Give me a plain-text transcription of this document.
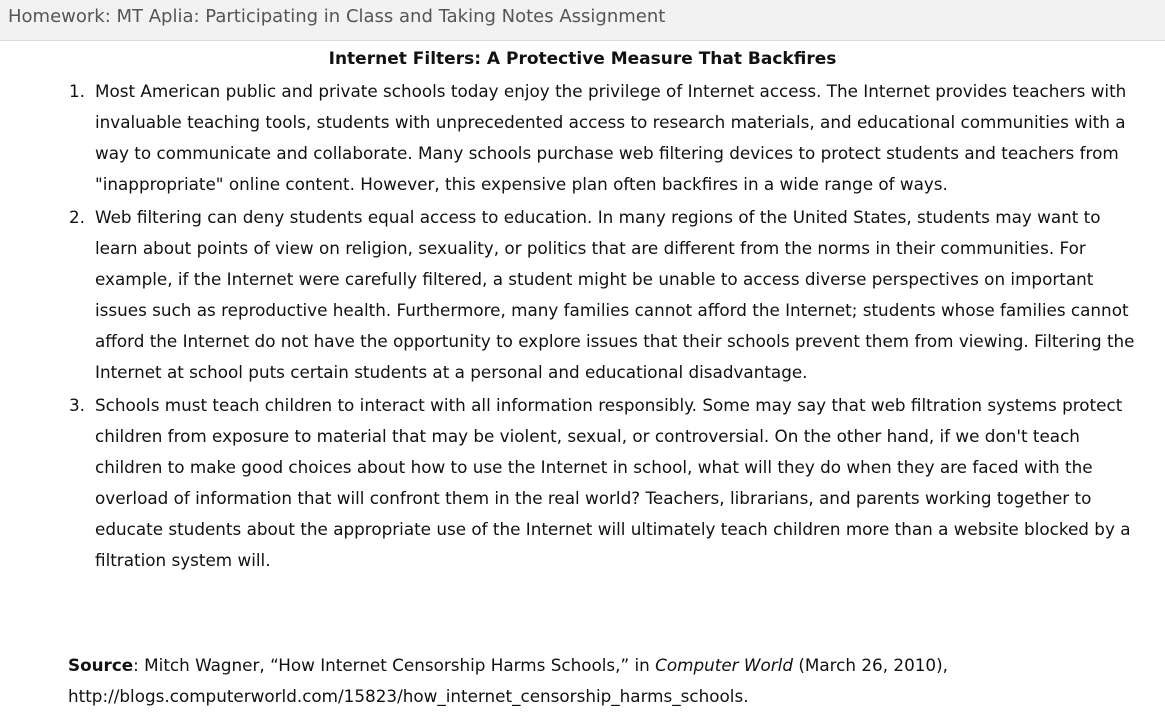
Homework: MT Aplia: Participating in Class and Taking Notes Assignment
Internet Filters: A Protective Measure That Backfires
1. Most American public and private schools today enjoy the privilege of Internet access. The Internet provides teachers with invaluable teaching tools, students with unprecedented access to research materials, and educational communities with a way to communicate and collaborate. Many schools purchase web filtering devices to protect students and teachers from "inappropriate" online content. However, this expensive plan often backfires in a wide range of ways.
2. Web filtering can deny students equal access to education. In many regions of the United States, students may want to learn about points of view on religion, sexuality, or politics that are different from the norms in their communities. For example, if the Internet were carefully filtered, a student might be unable to access diverse perspectives on important issues such as reproductive health. Furthermore, many families cannot afford the Internet; students whose families cannot afford the Internet do not have the opportunity to explore issues that their schools prevent them from viewing. Filtering the Internet at school puts certain students at a personal and educational disadvantage.
3. Schools must teach children to interact with all information responsibly. Some may say that web filtration systems protect children from exposure to material that may be violent, sexual, or controversial. On the other hand, if we don't teach children to make good choices about how to use the Internet in school, what will they do when they are faced with the overload of information that will confront them in the real world? Teachers, librarians, and parents working together to educate students about the appropriate use of the Internet will ultimately teach children more than a website blocked by a filtration system will.
Source: Mitch Wagner, “How Internet Censorship Harms Schools,” in Computer World (March 26, 2010),
http://blogs.computerworld.com/15823/how_internet_censorship_harms_schools.
